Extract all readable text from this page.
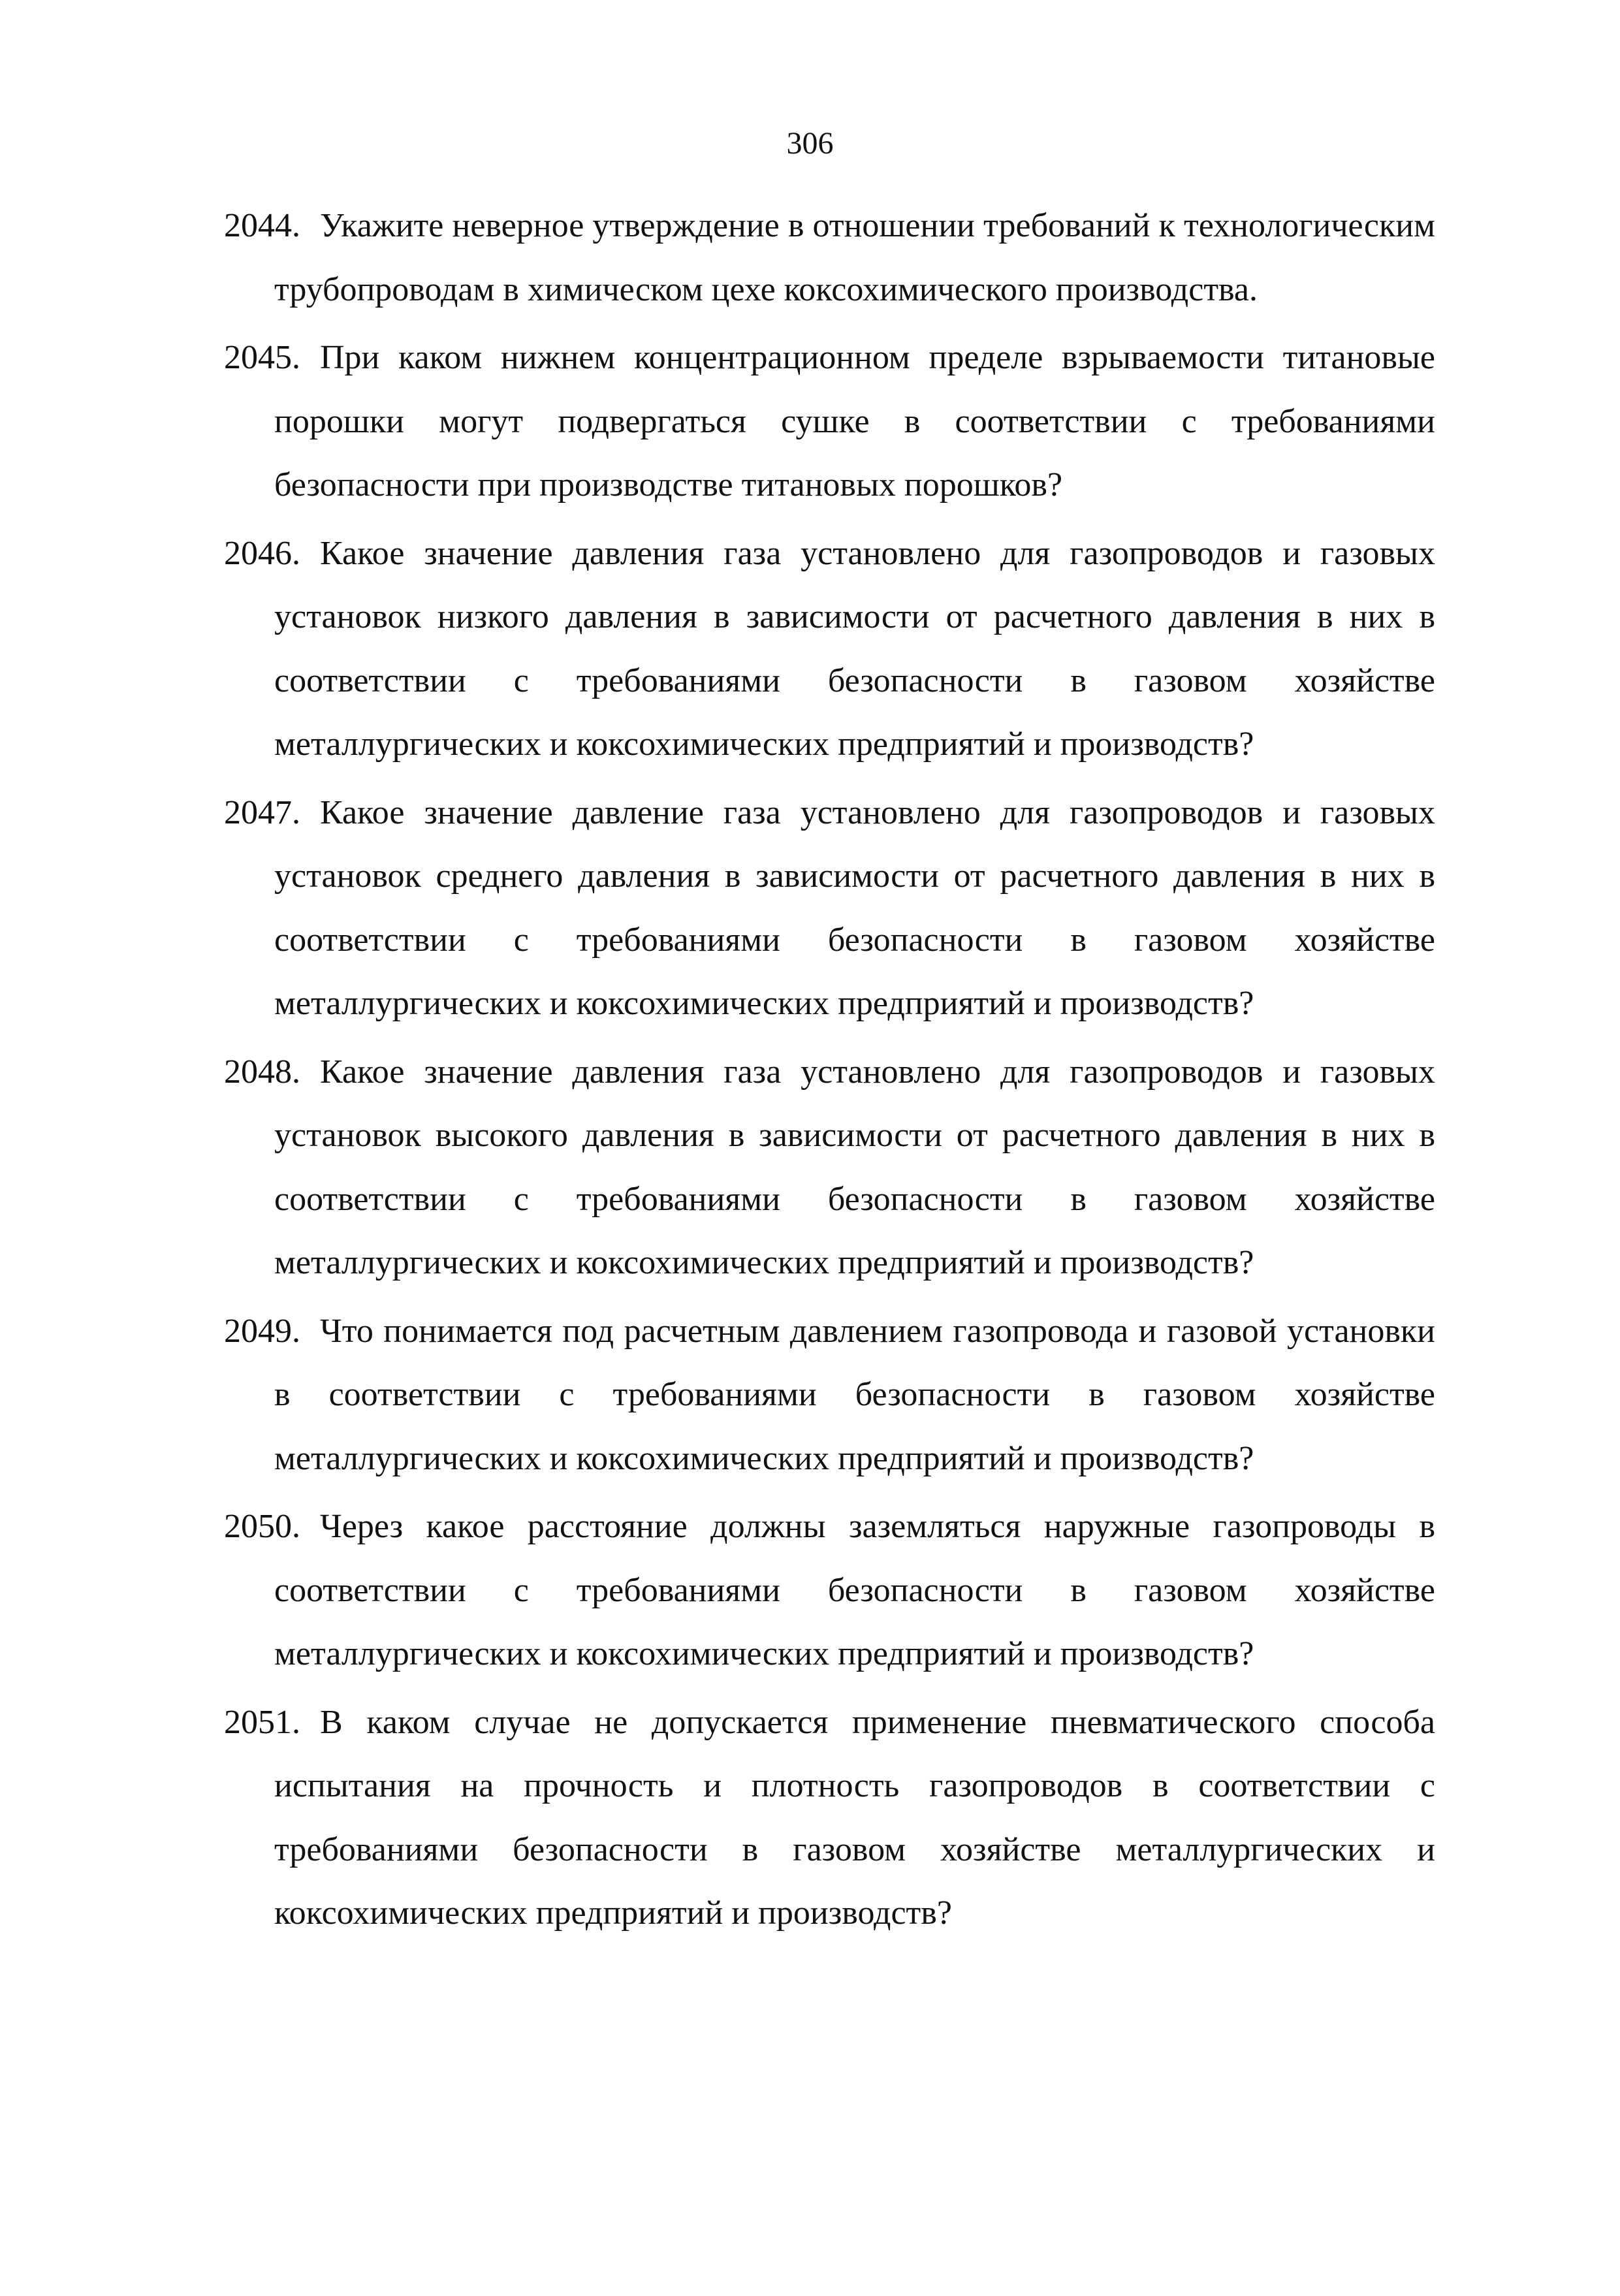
306
2044. Укажите неверное утверждение в отношении требований к технологическим трубопроводам в химическом цехе коксохимического производства.
2045. При каком нижнем концентрационном пределе взрываемости титановые порошки могут подвергаться сушке в соответствии с требованиями безопасности при производстве титановых порошков?
2046. Какое значение давления газа установлено для газопроводов и газовых установок низкого давления в зависимости от расчетного давления в них в соответствии с требованиями безопасности в газовом хозяйстве металлургических и коксохимических предприятий и производств?
2047. Какое значение давление газа установлено для газопроводов и газовых установок среднего давления в зависимости от расчетного давления в них в соответствии с требованиями безопасности в газовом хозяйстве металлургических и коксохимических предприятий и производств?
2048. Какое значение давления газа установлено для газопроводов и газовых установок высокого давления в зависимости от расчетного давления в них в соответствии с требованиями безопасности в газовом хозяйстве металлургических и коксохимических предприятий и производств?
2049. Что понимается под расчетным давлением газопровода и газовой установки в соответствии с требованиями безопасности в газовом хозяйстве металлургических и коксохимических предприятий и производств?
2050. Через какое расстояние должны заземляться наружные газопроводы в соответствии с требованиями безопасности в газовом хозяйстве металлургических и коксохимических предприятий и производств?
2051. В каком случае не допускается применение пневматического способа испытания на прочность и плотность газопроводов в соответствии с требованиями безопасности в газовом хозяйстве металлургических и коксохимических предприятий и производств?
